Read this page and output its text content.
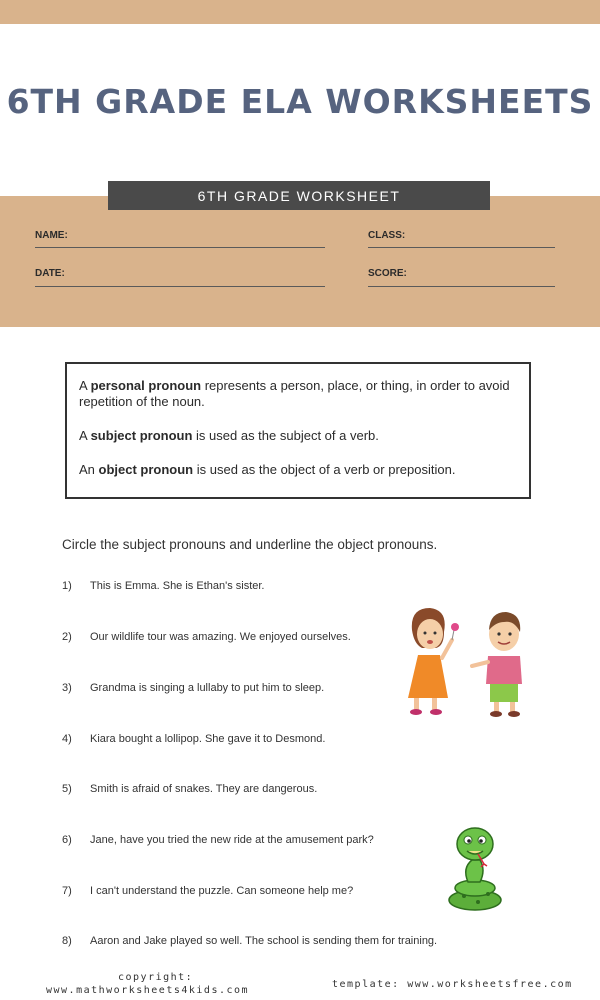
6TH GRADE ELA WORKSHEETS
6TH GRADE WORKSHEET
NAME:	CLASS:
DATE:	SCORE:

A personal pronoun represents a person, place, or thing, in order to avoid repetition of the noun.

A subject pronoun is used as the subject of a verb.

An object pronoun is used as the object of a verb or preposition.

Circle the subject pronouns and underline the object pronouns.
1) This is Emma. She is Ethan's sister.
2) Our wildlife tour was amazing. We enjoyed ourselves.
3) Grandma is singing a lullaby to put him to sleep.
4) Kiara bought a lollipop. She gave it to Desmond.
5) Smith is afraid of snakes. They are dangerous.
6) Jane, have you tried the new ride at the amusement park?
7) I can't understand the puzzle. Can someone help me?
8) Aaron and Jake played so well. The school is sending them for training.
copyright:
www.mathworksheets4kids.com
template: www.worksheetsfree.com
